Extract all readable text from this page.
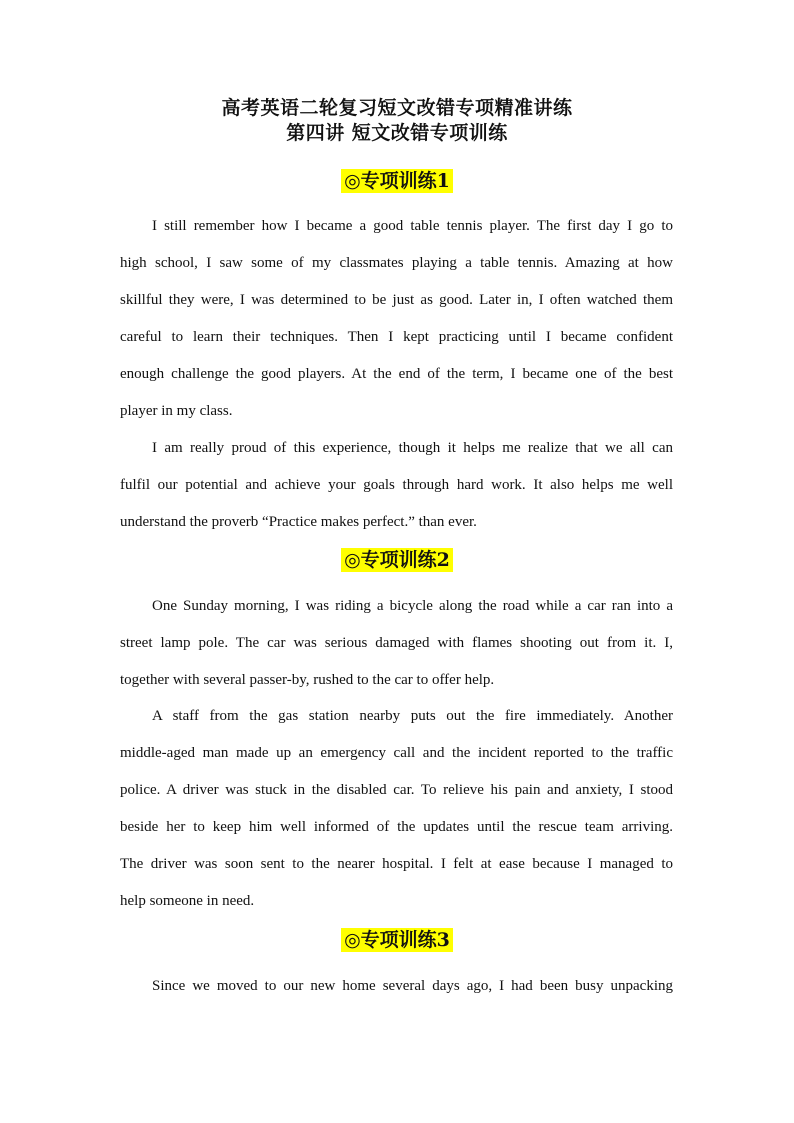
高考英语二轮复习短文改错专项精准讲练
第四讲 短文改错专项训练
◎专项训练1
I still remember how I became a good table tennis player. The first day I go to
high school, I saw some of my classmates playing a table tennis. Amazing at how
skillful they were, I was determined to be just as good. Later in, I often watched them
careful to learn their techniques. Then I kept practicing until I became confident
enough challenge the good players. At the end of the term, I became one of the best
player in my class.
I am really proud of this experience, though it helps me realize that we all can
fulfil our potential and achieve your goals through hard work. It also helps me well
understand the proverb “Practice makes perfect.” than ever.
◎专项训练2
One Sunday morning, I was riding a bicycle along the road while a car ran into a
street lamp pole. The car was serious damaged with flames shooting out from it. I,
together with several passer-by, rushed to the car to offer help.
A staff from the gas station nearby puts out the fire immediately. Another
middle-aged man made up an emergency call and the incident reported to the traffic
police. A driver was stuck in the disabled car. To relieve his pain and anxiety, I stood
beside her to keep him well informed of the updates until the rescue team arriving.
The driver was soon sent to the nearer hospital. I felt at ease because I managed to
help someone in need.
◎专项训练3
Since we moved to our new home several days ago, I had been busy unpacking
